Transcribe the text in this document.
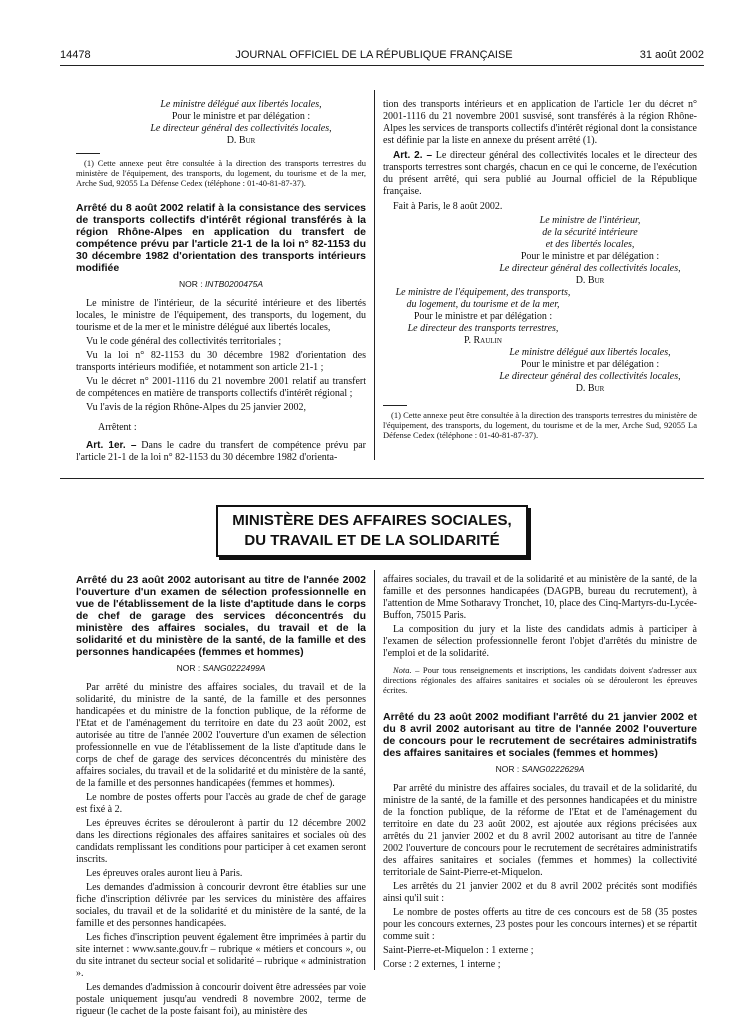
14478	JOURNAL OFFICIEL DE LA RÉPUBLIQUE FRANÇAISE	31 août 2002
Le ministre délégué aux libertés locales,
Pour le ministre et par délégation :
Le directeur général des collectivités locales,
D. Bur

(1) Cette annexe peut être consultée à la direction des transports terrestres du ministère de l'équipement, des transports, du logement, du tourisme et de la mer, Arche Sud, 92055 La Défense Cedex (téléphone : 01-40-81-87-37).

Arrêté du 8 août 2002 relatif à la consistance des services de transports collectifs d'intérêt régional transférés à la région Rhône-Alpes en application du transfert de compétence prévu par l'article 21-1 de la loi n° 82-1153 du 30 décembre 1982 d'orientation des transports intérieurs modifiée
NOR : INTB0200475A

Le ministre de l'intérieur, de la sécurité intérieure et des libertés locales, le ministre de l'équipement, des transports, du logement, du tourisme et de la mer et le ministre délégué aux libertés locales,

Vu le code général des collectivités territoriales ;

Vu la loi n° 82-1153 du 30 décembre 1982 d'orientation des transports intérieurs modifiée, et notamment son article 21-1 ;

Vu le décret n° 2001-1116 du 21 novembre 2001 relatif au transfert de compétences en matière de transports collectifs d'intérêt régional ;

Vu l'avis de la région Rhône-Alpes du 25 janvier 2002,

Arrêtent :

Art. 1er. – Dans le cadre du transfert de compétence prévu par l'article 21-1 de la loi n° 82-1153 du 30 décembre 1982 d'orienta-

tion des transports intérieurs et en application de l'article 1er du décret n° 2001-1116 du 21 novembre 2001 susvisé, sont transférés à la région Rhône-Alpes les services de transports collectifs d'intérêt régional dont la consistance est définie par la liste en annexe du présent arrêté (1).

Art. 2. – Le directeur général des collectivités locales et le directeur des transports terrestres sont chargés, chacun en ce qui le concerne, de l'exécution du présent arrêté, qui sera publié au Journal officiel de la République française.

Fait à Paris, le 8 août 2002.

Le ministre de l'intérieur,
de la sécurité intérieure
et des libertés locales,
Pour le ministre et par délégation :
Le directeur général des collectivités locales,
D. Bur
Le ministre de l'équipement, des transports,
du logement, du tourisme et de la mer,
Pour le ministre et par délégation :
Le directeur des transports terrestres,
P. Raulin
Le ministre délégué aux libertés locales,
Pour le ministre et par délégation :
Le directeur général des collectivités locales,
D. Bur

(1) Cette annexe peut être consultée à la direction des transports terrestres du ministère de l'équipement, des transports, du logement, du tourisme et de la mer, Arche Sud, 92055 La Défense Cedex (téléphone : 01-40-81-87-37).

MINISTÈRE DES AFFAIRES SOCIALES,
DU TRAVAIL ET DE LA SOLIDARITÉ
Arrêté du 23 août 2002 autorisant au titre de l'année 2002 l'ouverture d'un examen de sélection professionnelle en vue de l'établissement de la liste d'aptitude dans le corps de chef de garage des services déconcentrés du ministère des affaires sociales, du travail et de la solidarité et du ministère de la santé, de la famille et des personnes handicapées (femmes et hommes)
NOR : SANG0222499A

Par arrêté du ministre des affaires sociales, du travail et de la solidarité, du ministre de la santé, de la famille et des personnes handicapées et du ministre de la fonction publique, de la réforme de l'Etat et de l'aménagement du territoire en date du 23 août 2002, est autorisée au titre de l'année 2002 l'ouverture d'un examen de sélection professionnelle en vue de l'établissement de la liste d'aptitude dans le corps de chef de garage des services déconcentrés du ministère des affaires sociales, du travail et de la solidarité et du ministère de la santé, de la famille et des personnes handicapées (femmes et hommes).

Le nombre de postes offerts pour l'accès au grade de chef de garage est fixé à 2.

Les épreuves écrites se dérouleront à partir du 12 décembre 2002 dans les directions régionales des affaires sanitaires et sociales où des candidats remplissant les conditions pour participer à cet examen seront inscrits.

Les épreuves orales auront lieu à Paris.

Les demandes d'admission à concourir devront être établies sur une fiche d'inscription délivrée par les services du ministère des affaires sociales, du travail et de la solidarité et du ministère de la santé, de la famille et des personnes handicapées.

Les fiches d'inscription peuvent également être imprimées à partir du site internet : www.sante.gouv.fr – rubrique « métiers et concours », ou du site intranet du secteur social et solidarité – rubrique « administration ».

Les demandes d'admission à concourir doivent être adressées par voie postale uniquement jusqu'au vendredi 8 novembre 2002, terme de rigueur (le cachet de la poste faisant foi), au ministère des

affaires sociales, du travail et de la solidarité et au ministère de la santé, de la famille et des personnes handicapées (DAGPB, bureau du recrutement), à l'attention de Mme Sotharavy Tronchet, 10, place des Cinq-Martyrs-du-Lycée-Buffon, 75015 Paris.

La composition du jury et la liste des candidats admis à participer à l'examen de sélection professionnelle feront l'objet d'arrêtés du ministre de l'emploi et de la solidarité.

Nota. – Pour tous renseignements et inscriptions, les candidats doivent s'adresser aux directions régionales des affaires sanitaires et sociales où se dérouleront les épreuves écrites.

Arrêté du 23 août 2002 modifiant l'arrêté du 21 janvier 2002 et du 8 avril 2002 autorisant au titre de l'année 2002 l'ouverture de concours pour le recrutement de secrétaires administratifs des affaires sanitaires et sociales (femmes et hommes)
NOR : SANG0222629A

Par arrêté du ministre des affaires sociales, du travail et de la solidarité, du ministre de la santé, de la famille et des personnes handicapées et du ministre de la fonction publique, de la réforme de l'Etat et de l'aménagement du territoire en date du 23 août 2002, est ajoutée aux régions précisées aux arrêtés du 21 janvier 2002 et du 8 avril 2002 autorisant au titre de l'année 2002 l'ouverture de concours pour le recrutement de secrétaires administratifs des affaires sanitaires et sociales (femmes et hommes) la collectivité territoriale de Saint-Pierre-et-Miquelon.

Les arrêtés du 21 janvier 2002 et du 8 avril 2002 précités sont modifiés ainsi qu'il suit :

Le nombre de postes offerts au titre de ces concours est de 58 (35 postes pour les concours externes, 23 postes pour les concours internes) et se répartit comme suit :

Saint-Pierre-et-Miquelon : 1 externe ;

Corse : 2 externes, 1 interne ;
